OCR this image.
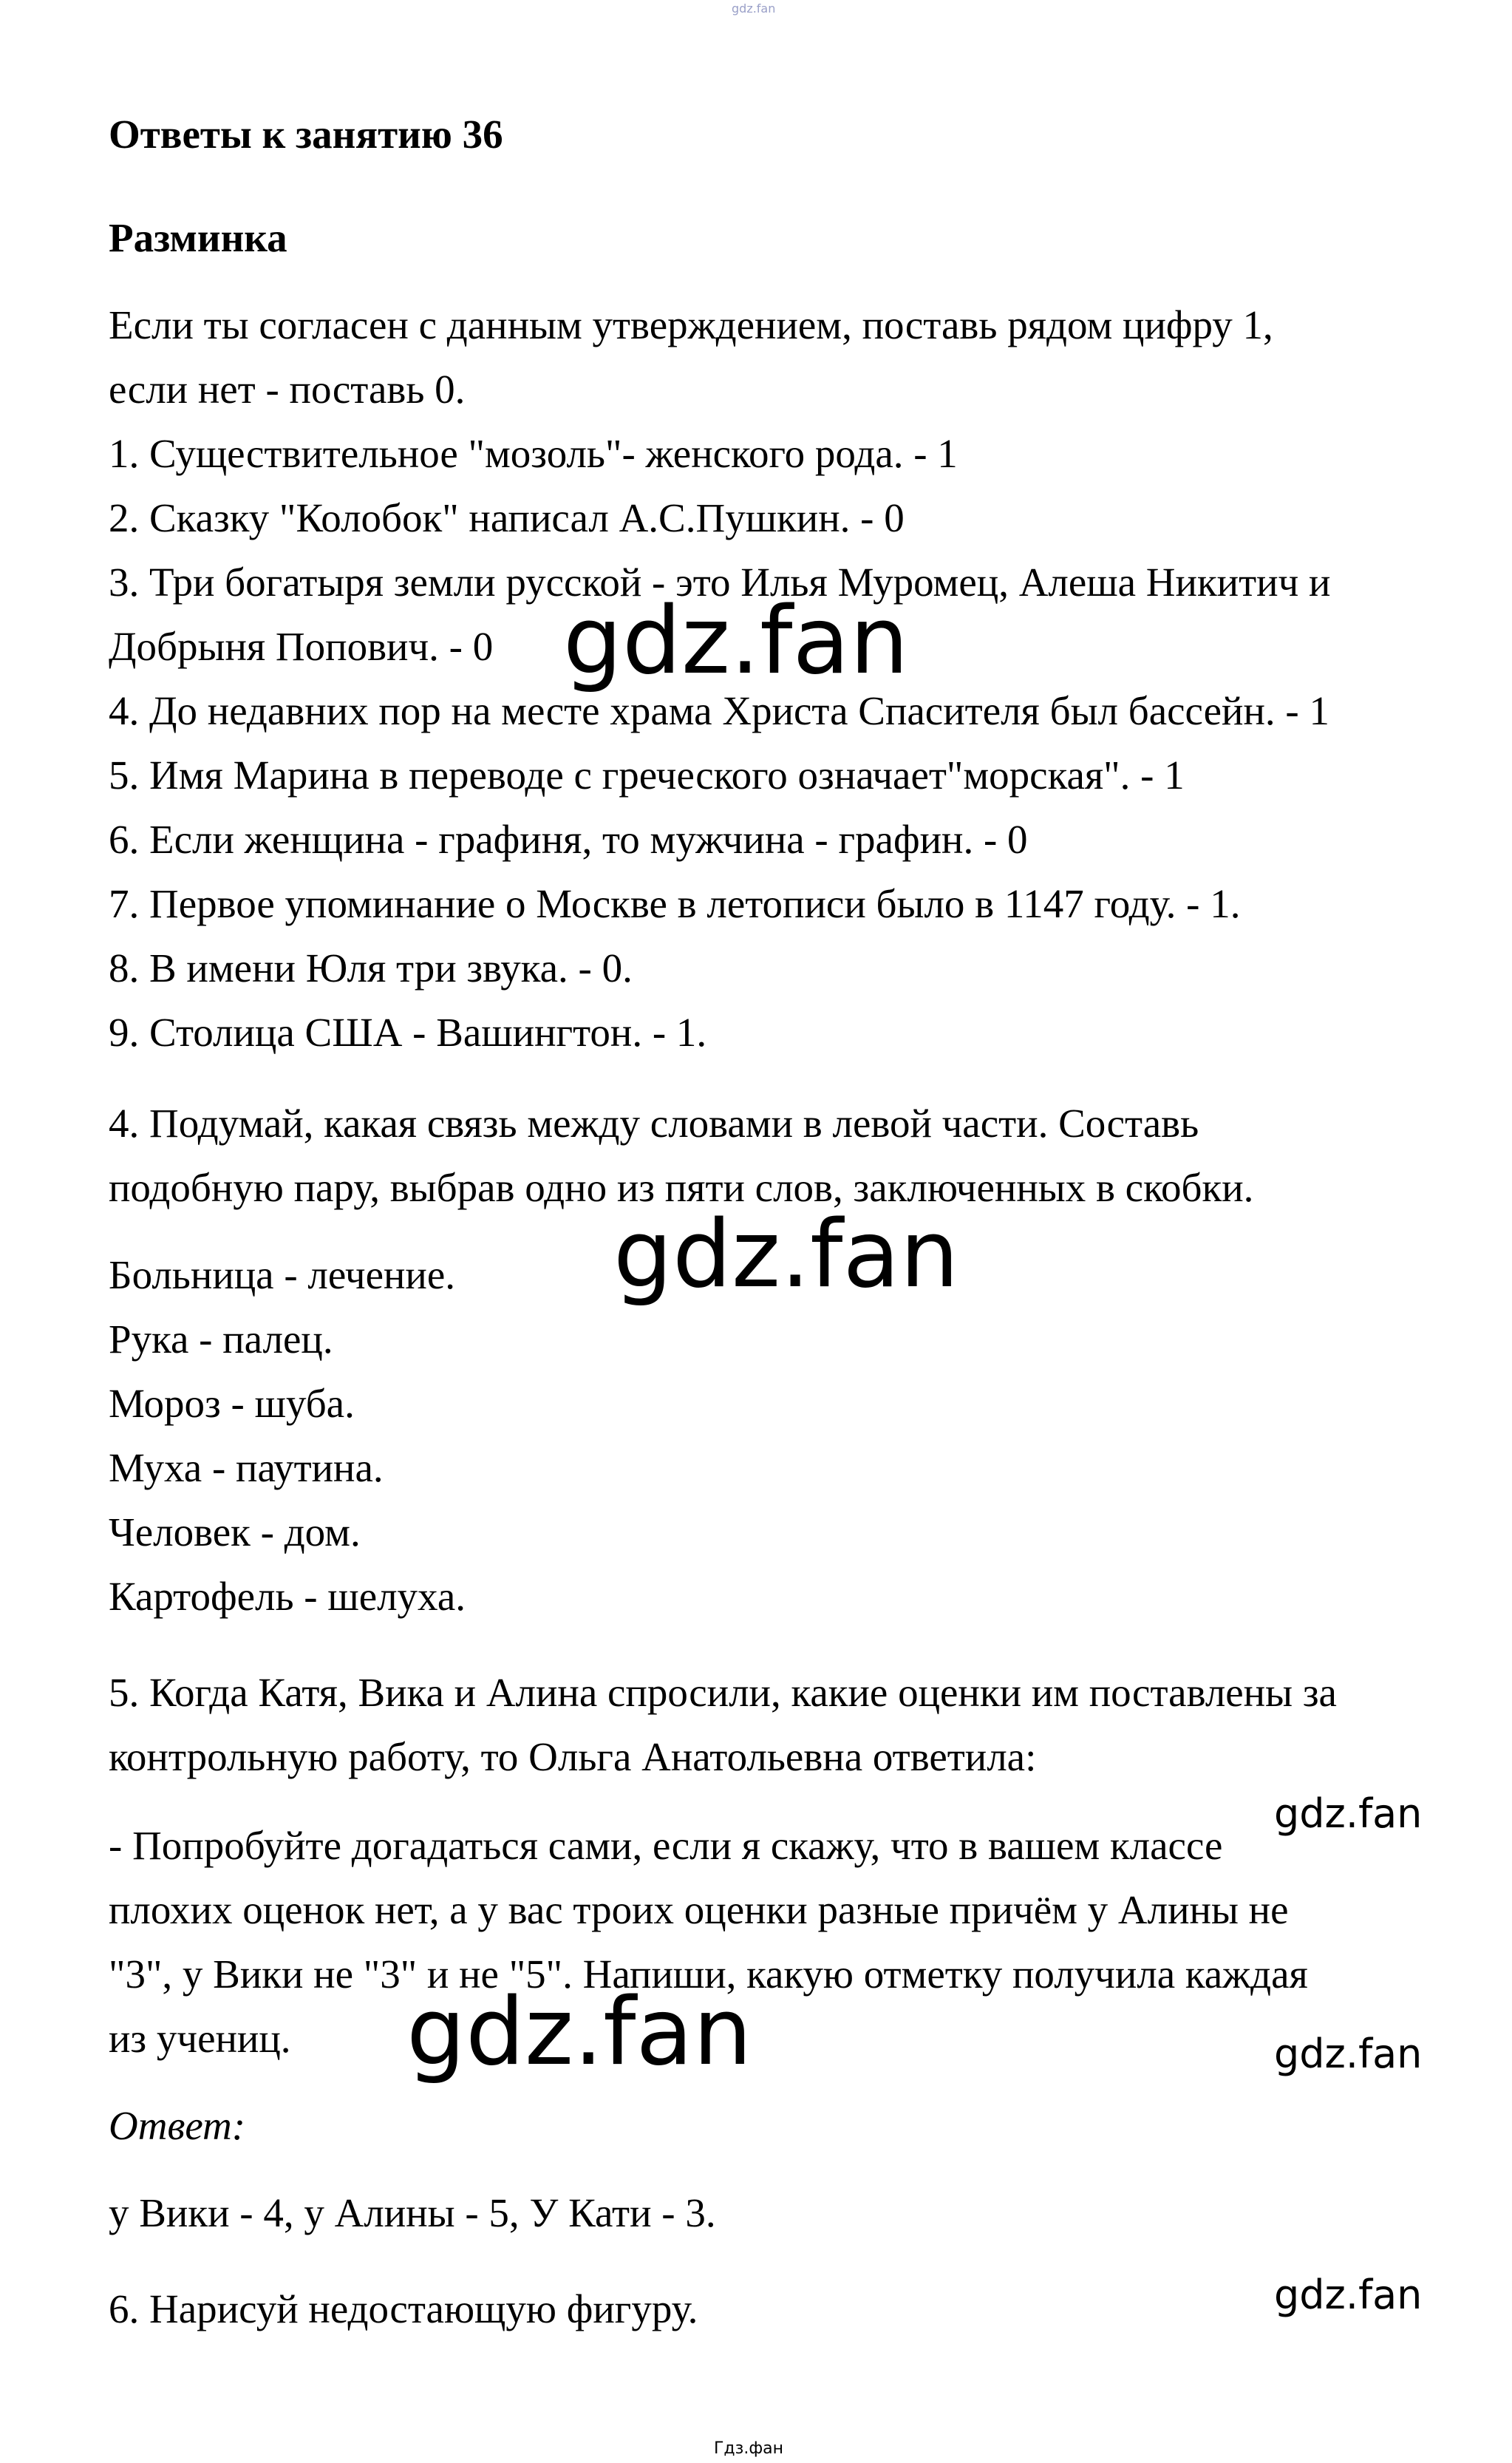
gdz.fan
Ответы к занятию 36
Разминка
Если ты согласен с данным утверждением, поставь рядом цифру 1,
если нет - поставь 0.
1. Существительное "мозоль"- женского рода. - 1
2. Сказку "Колобок" написал А.С.Пушкин. - 0
3. Три богатыря земли русской - это Илья Муромец, Алеша Никитич и
Добрыня Попович. - 0
4. До недавних пор на месте храма Христа Спасителя был бассейн. - 1
5. Имя Марина в переводе с греческого означает"морская". - 1
6. Если женщина - графиня, то мужчина - графин. - 0
7. Первое упоминание о Москве в летописи было в 1147 году. - 1.
8. В имени Юля три звука. - 0.
9. Столица США - Вашингтон. - 1.
4. Подумай, какая связь между словами в левой части. Составь
подобную пару, выбрав одно из пяти слов, заключенных в скобки.
Больница - лечение.
Рука - палец.
Мороз - шуба.
Муха - паутина.
Человек - дом.
Картофель - шелуха.
5. Когда Катя, Вика и Алина спросили, какие оценки им поставлены за
контрольную работу, то Ольга Анатольевна ответила:
- Попробуйте догадаться сами, если я скажу, что в вашем классе
плохих оценок нет, а у вас троих оценки разные причём у Алины не
"3", у Вики не "3" и не "5". Напиши, какую отметку получила каждая
из учениц.
Ответ:
у Вики - 4, у Алины - 5, У Кати - 3.
6. Нарисуй недостающую фигуру.
gdz.fan
gdz.fan
gdz.fan
gdz.fan
gdz.fan
gdz.fan
Гдз.фан
